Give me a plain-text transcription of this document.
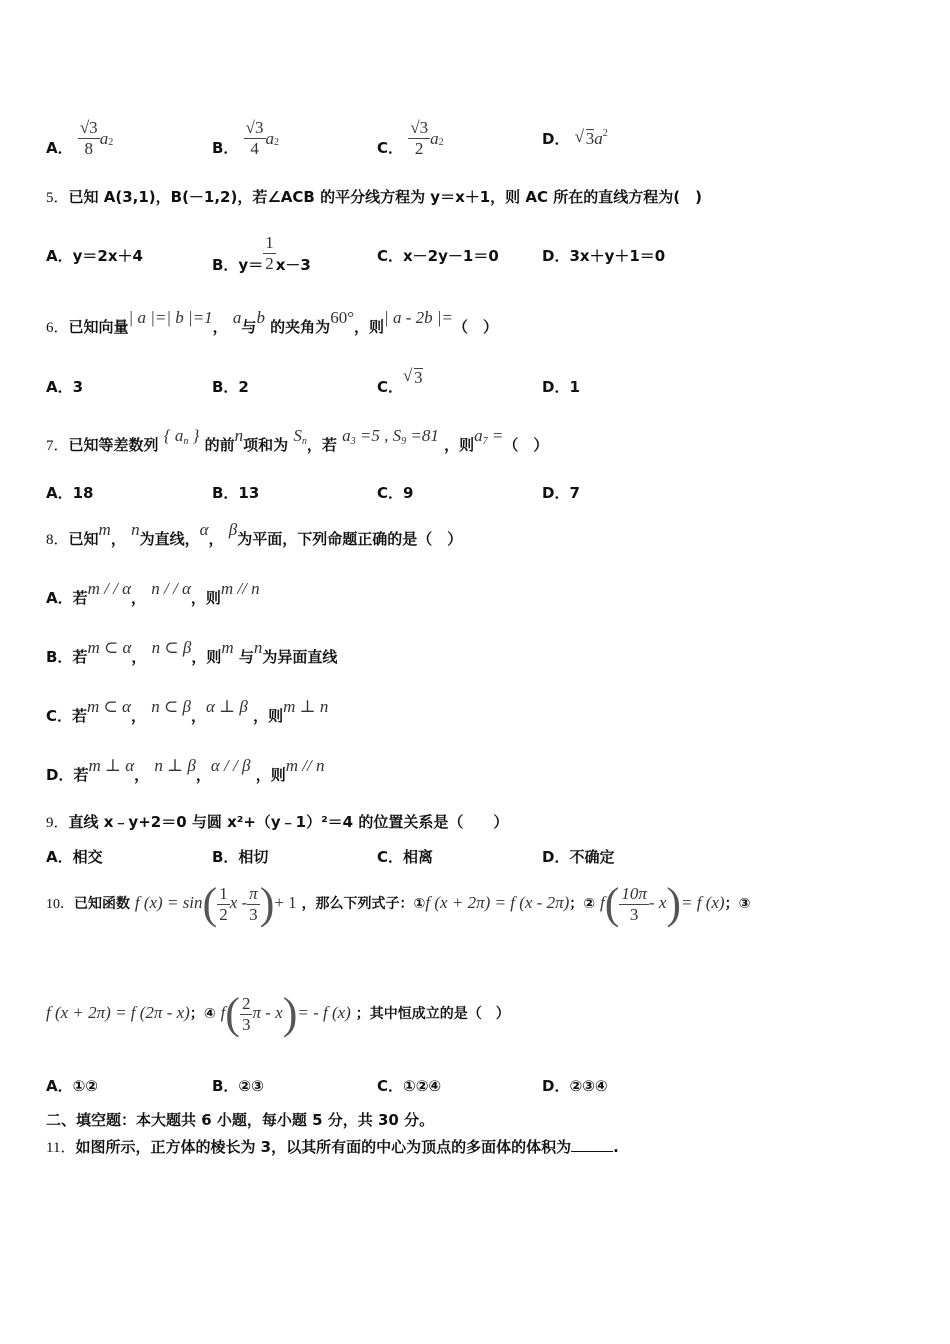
A． $\frac{√3}{8} a^2$	B． $\frac{√3}{4} a^2$	C． $\frac{√3}{2} a^2$	D． √ $3a^2$
5．已知 A(3,1)，B(－1,2)，若∠ACB 的平分线方程为 y＝x＋1，则 AC 所在的直线方程为(　)
A．y＝2x＋4	B．$y= \frac{1}{2} x-3$	C．x－2y－1＝0	D．3x＋y＋1＝0
6．已知向量| a |=| b |=1， a与b 的夹角为60°，则| a - 2b |=（　）
A．3	B．2	C． √ 3	D．1
7．已知等差数列 { $a_n$ } 的前n项和为 $S_n$，若 $a_3 =5$ , $S_9 =81$ ，则$a_7$ =（　）
A．18	B．13	C．9	D．7
8．已知m， n为直线，α， β为平面，下列命题正确的是（　）
A．若m / / α， n / / α，则m // n
B．若m ⊂ α， n ⊂ β，则m 与n为异面直线
C．若m ⊂ α， n ⊂ β，α ⊥ β ，则m ⊥ n
D．若m ⊥ α， n ⊥ β，α / / β ，则m // n
9．直线 x﹣y+2＝0 与圆 x²+（y﹣1）²＝4 的位置关系是（　　）
A．相交	B．相切	C．相离	D．不确定
10．已知函数 f $(x) = \sin( \frac{1}{2}$ x - $\frac{\pi}{3}$ )+ 1 ，那么下列式子：①f (x + 2π) = f (x - 2π)；② $f( \frac{10\pi}{3} - x)= f$ (x)；③
f (x + 2π) = f (2π - x)；④ $f( \frac{2}{3}$ π - x)= - f (x) ；其中恒成立的是（　）
A．①②	B．②③	C．①②④	D．②③④
二、填空题：本大题共 6 小题，每小题 5 分，共 30 分。
11．如图所示，正方体的棱长为 3，以其所有面的中心为顶点的多面体的体积为	.
